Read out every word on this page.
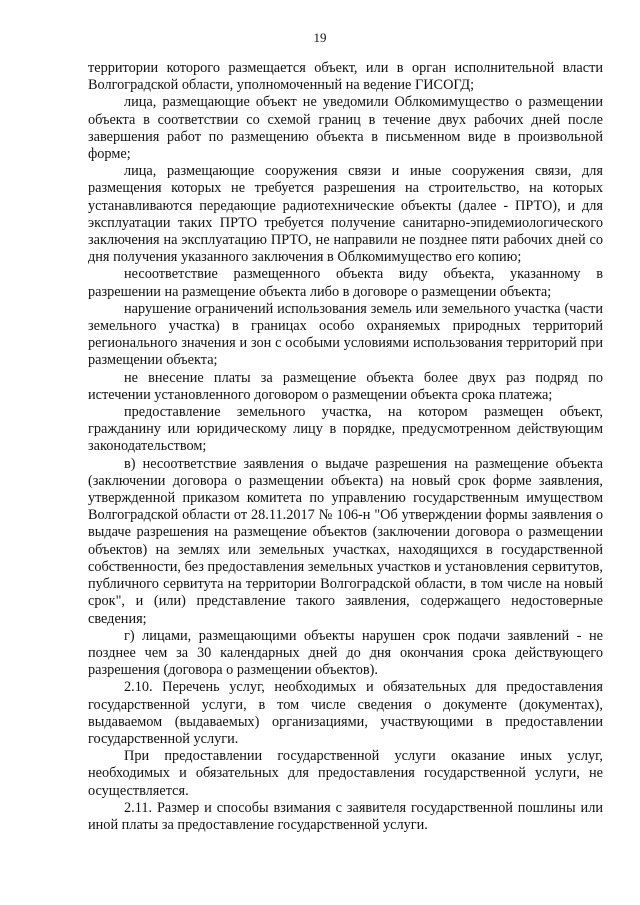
19

территории которого размещается объект, или в орган исполнительной власти Волгоградской области, уполномоченный на ведение ГИСОГД;

лица, размещающие объект не уведомили Облкомимущество о размещении объекта в соответствии со схемой границ в течение двух рабочих дней после завершения работ по размещению объекта в письменном виде в произвольной форме;

лица, размещающие сооружения связи и иные сооружения связи, для размещения которых не требуется разрешения на строительство, на которых устанавливаются передающие радиотехнические объекты (далее - ПРТО), и для эксплуатации таких ПРТО требуется получение санитарно-эпидемиологического заключения на эксплуатацию ПРТО, не направили не позднее пяти рабочих дней со дня получения указанного заключения в Облкомимущество его копию;

несоответствие размещенного объекта виду объекта, указанному в разрешении на размещение объекта либо в договоре о размещении объекта;

нарушение ограничений использования земель или земельного участка (части земельного участка) в границах особо охраняемых природных территорий регионального значения и зон с особыми условиями использования территорий при размещении объекта;

не внесение платы за размещение объекта более двух раз подряд по истечении установленного договором о размещении объекта срока платежа;

предоставление земельного участка, на котором размещен объект, гражданину или юридическому лицу в порядке, предусмотренном действующим законодательством;

в) несоответствие заявления о выдаче разрешения на размещение объекта (заключении договора о размещении объекта) на новый срок форме заявления, утвержденной приказом комитета по управлению государственным имуществом Волгоградской области от 28.11.2017 № 106-н "Об утверждении формы заявления о выдаче разрешения на размещение объектов (заключении договора о размещении объектов) на землях или земельных участках, находящихся в государственной собственности, без предоставления земельных участков и установления сервитутов, публичного сервитута на территории Волгоградской области, в том числе на новый срок", и (или) представление такого заявления, содержащего недостоверные сведения;

г) лицами, размещающими объекты нарушен срок подачи заявлений - не позднее чем за 30 календарных дней до дня окончания срока действующего разрешения (договора о размещении объектов).

2.10. Перечень услуг, необходимых и обязательных для предоставления государственной услуги, в том числе сведения о документе (документах), выдаваемом (выдаваемых) организациями, участвующими в предоставлении государственной услуги.

При предоставлении государственной услуги оказание иных услуг, необходимых и обязательных для предоставления государственной услуги, не осуществляется.

2.11. Размер и способы взимания с заявителя государственной пошлины или иной платы за предоставление государственной услуги.
